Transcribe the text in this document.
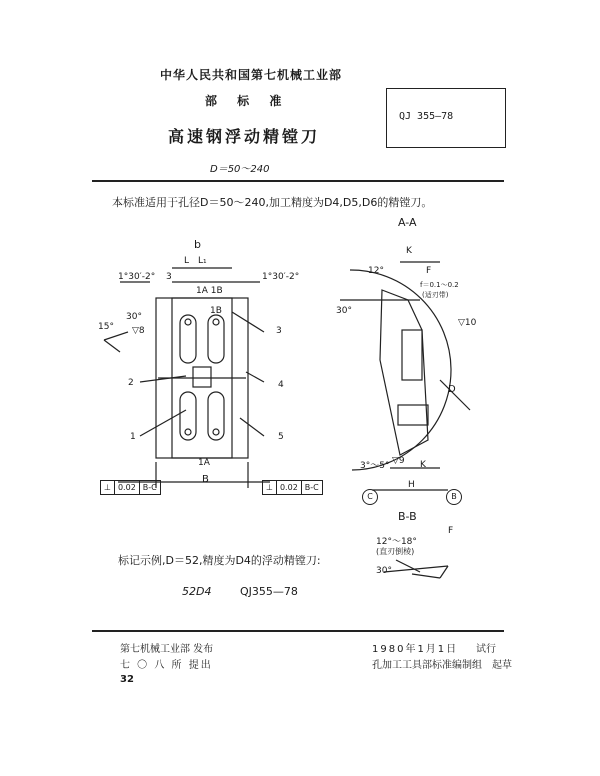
中华人民共和国第七机械工业部
部 标 准
QJ 355—78
高速钢浮动精镗刀
D＝50～240
本标准适用于孔径D＝50～240,加工精度为D4,D5,D6的精镗刀。
b
L L₁
1°30′-2° 3	1°30′-2°
1A 1B
1B
1A
15°
30°
▽8
1
2
3
4
5
B
⊥ 0.02 B-C	⊥ 0.02 B-C
A-A
K
F
f＝0.1～0.2
(适刃带)
12°
30°
▽10
D
3°～5° ▽9 K
H
C	B
B-B
12°～18°
(直刃倒棱)
30°
F
标记示例,D＝52,精度为D4的浮动精镗刀:
52D4	QJ355—78
第七机械工业部 发布
七 〇 八 所 提出
32
1980年1月1日 试行
孔加工工具部标准编制组 起草
